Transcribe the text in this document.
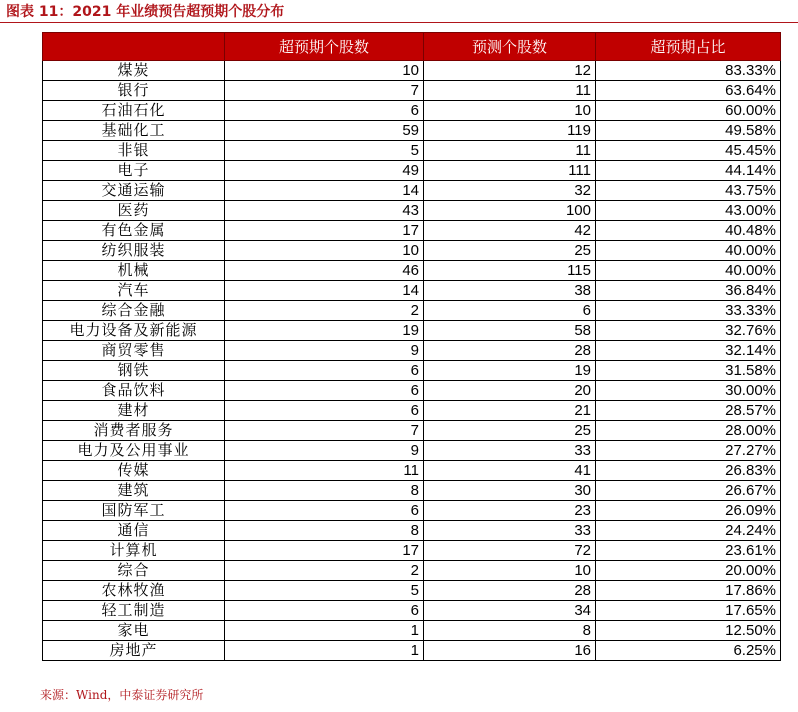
图表 11：2021 年业绩预告超预期个股分布
	超预期个股数	预测个股数	超预期占比
煤炭	10	12	83.33%
银行	7	11	63.64%
石油石化	6	10	60.00%
基础化工	59	119	49.58%
非银	5	11	45.45%
电子	49	111	44.14%
交通运输	14	32	43.75%
医药	43	100	43.00%
有色金属	17	42	40.48%
纺织服装	10	25	40.00%
机械	46	115	40.00%
汽车	14	38	36.84%
综合金融	2	6	33.33%
电力设备及新能源	19	58	32.76%
商贸零售	9	28	32.14%
钢铁	6	19	31.58%
食品饮料	6	20	30.00%
建材	6	21	28.57%
消费者服务	7	25	28.00%
电力及公用事业	9	33	27.27%
传媒	11	41	26.83%
建筑	8	30	26.67%
国防军工	6	23	26.09%
通信	8	33	24.24%
计算机	17	72	23.61%
综合	2	10	20.00%
农林牧渔	5	28	17.86%
轻工制造	6	34	17.65%
家电	1	8	12.50%
房地产	1	16	6.25%
来源：Wind，中泰证券研究所
